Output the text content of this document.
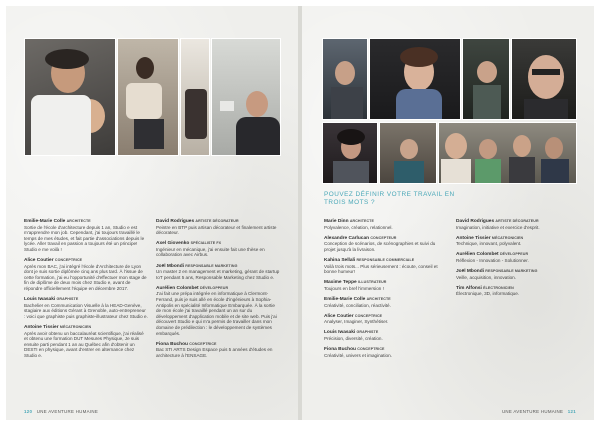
Emilie-Marie Colle ARCHITECTE
Sortie de l'école d'architecture depuis 1 an, Studio e est m'apprendre mon job. Cependant, j'ai toujours travaillé le temps de mes études, et fait partie d'associations depuis le lycée. Aller travail en passion a toujours été un principe! Studio e me voilà !
Alice Coutier CONCEPTRICE
Après mon BAC, j'ai intégré l'école d'Architecture de Lyon dont je suis sortie diplômée cinq ans plus tard. À l'issue de cette formation, j'ai eu l'opportunité d'effectuer mon stage de fin de diplôme de deux mois chez Studio e, avant de répondre officiellement l'équipe en décembre 2017.
Louis Iwasaki GRAPHISTE
Bachelier en Communication Visuelle à la HEAD-Genève, stagiaire aux éditions Gérant à Grenoble, auto-entrepreneur : voici que graphiste puis graphiste-illustrateur chez Studio e.
Antoine Tissier MÉCATRONICIEN
Après avoir obtenu un baccalauréat scientifique, j'ai réalisé et obtenu une formation DUT Mesures Physique, Je suis ensuite parti pendant 1 an au Québec afin d'obtenir un DESTI en physique, avant d'entrer en alternance chez Studio e.
David Rodrigues ARTISTE DÉCORATEUR
Peintre en BTP puis artisan décorateur et finalement artiste décorateur.
Axel Giovenko SPÉCIALISTE FX
Ingénieur en mécanique, j'ai ensuite fait une thèse en collaboration avec Airbus.
Joël Mbondi RESPONSABLE MARKETING
Un master 2 en management et marketing, gérant de startup IoT pendant 5 ans, Responsable Marketing chez Studio e.
Aurélien Colombet DÉVELOPPEUR
J'ai fait une prépa intégrée en informatique à Clermont-Ferrand, puis je suis allé en école d'ingénieurs à Sophia-Antipolis en spécialité Informatique Embarquée. À la sortie de mon école j'ai travaillé pendant un an sur du développement d'application mobile et de site web. Puis j'ai découvert Studio e qui m'a permis de travailler dans mon domaine de prédilection : le développement de systèmes embarqués.
Fiona Buchou CONCEPTRICE
Bac STI ARTS Design Espace puis 5 années d'études en architecture à l'ENSAGE.
120 UNE AVENTURE HUMAINE
POUVEZ DÉFINIR VOTRE TRAVAIL EN TROIS MOTS ?
Marie Dinn ARCHITECTE
Polyvalence, création, relationnel.
Alexandre Carlucan CONCEPTEUR
Conception de scénarios, de scénographies et suivi du projet jusqu'à la livraison.
Kahina Sellali RESPONSABLE COMMERCIALE
Voilà trois mots... Plus sérieusement : écoute, conseil et bonne humeur!
Maxime Teppe ILLUSTRATEUR
Toujours en bref l'immersion !
Emilie-Marie Colle ARCHITECTE
Créativité, conciliation, réactivité.
Alice Coutier CONCEPTRICE
Analyser, Imaginer, Synthétiser.
Louis Iwasaki GRAPHISTE
Précision, diversité, création.
Fiona Buchou CONCEPTRICE
Créativité, univers et imagination.
David Rodrigues ARTISTE DÉCORATEUR
Imagination, initiative et exercice d'esprit.
Antoine Tissier MÉCATRONICIEN
Technique, innovant, polyvalent.
Aurélien Colombet DÉVELOPPEUR
Réflexion - Innovation - Solutionner.
Joël Mbondi RESPONSABLE MARKETING
Veille, acquisition, innovation.
Tim Alfonsi ÉLECTRONICIEN
Électronique, 3D, informatique.
UNE AVENTURE HUMAINE 121
